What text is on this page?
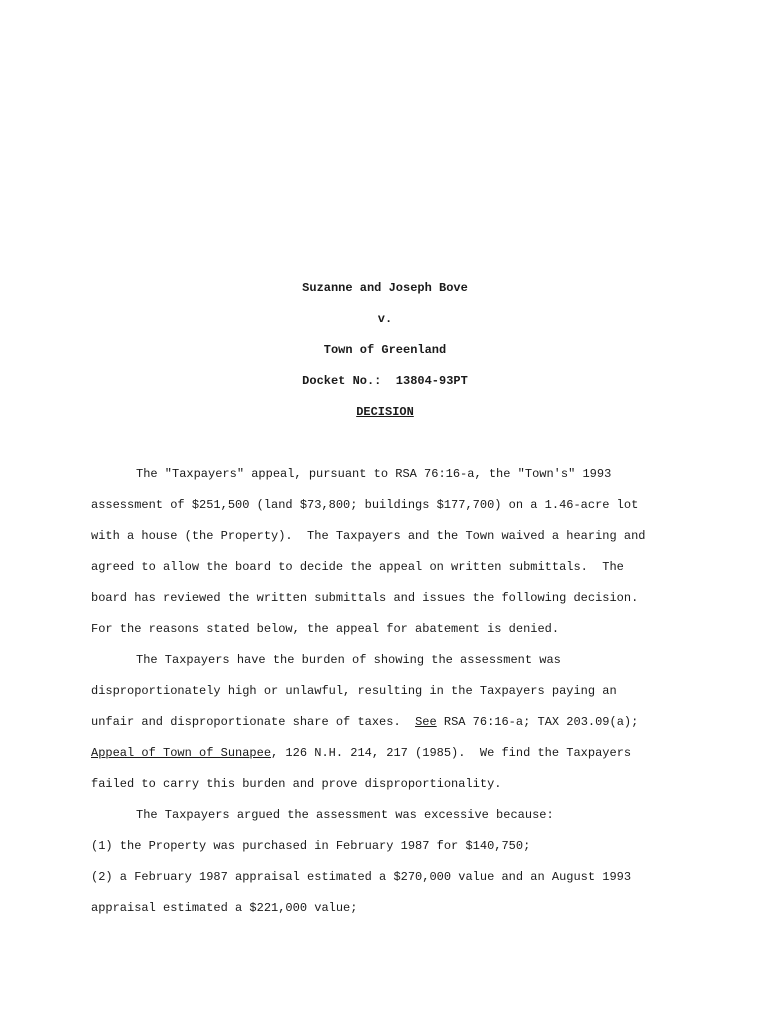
Suzanne and Joseph Bove
v.
Town of Greenland
Docket No.:  13804-93PT
DECISION
The "Taxpayers" appeal, pursuant to RSA 76:16-a, the "Town's" 1993
assessment of $251,500 (land $73,800; buildings $177,700) on a 1.46-acre lot
with a house (the Property).  The Taxpayers and the Town waived a hearing and
agreed to allow the board to decide the appeal on written submittals.  The
board has reviewed the written submittals and issues the following decision.
For the reasons stated below, the appeal for abatement is denied.
The Taxpayers have the burden of showing the assessment was
disproportionately high or unlawful, resulting in the Taxpayers paying an
unfair and disproportionate share of taxes.  See RSA 76:16-a; TAX 203.09(a);
Appeal of Town of Sunapee, 126 N.H. 214, 217 (1985).  We find the Taxpayers
failed to carry this burden and prove disproportionality.
The Taxpayers argued the assessment was excessive because:
(1) the Property was purchased in February 1987 for $140,750;
(2) a February 1987 appraisal estimated a $270,000 value and an August 1993
appraisal estimated a $221,000 value;
